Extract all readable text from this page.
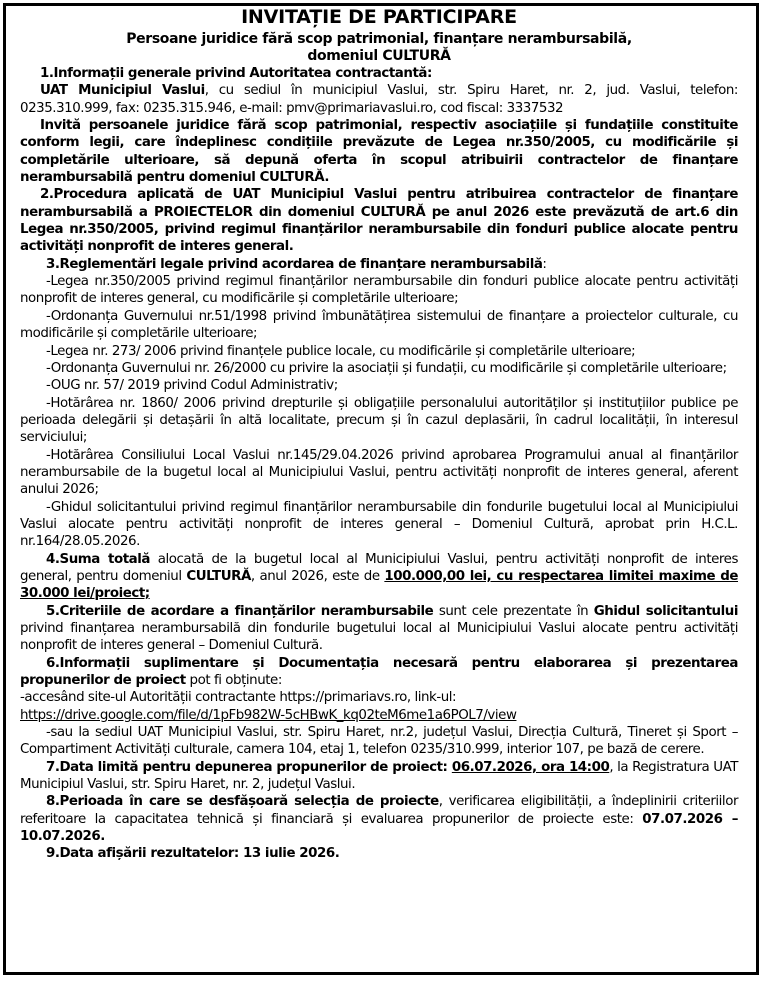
INVITAȚIE DE PARTICIPARE
Persoane juridice fără scop patrimonial, finanțare nerambursabilă,
domeniul CULTURĂ

1.Informații generale privind Autoritatea contractantă:

UAT Municipiul Vaslui, cu sediul în municipiul Vaslui, str. Spiru Haret, nr. 2, jud. Vaslui, telefon: 0235.310.999, fax: 0235.315.946, e-mail: pmv@primariavaslui.ro, cod fiscal: 3337532

Invită persoanele juridice fără scop patrimonial, respectiv asociațiile și fundațiile constituite conform legii, care îndeplinesc condițiile prevăzute de Legea nr.350/2005, cu modificările și completările ulterioare, să depună oferta în scopul atribuirii contractelor de finanțare nerambursabilă pentru domeniul CULTURĂ.

2.Procedura aplicată de UAT Municipiul Vaslui pentru atribuirea contractelor de finanțare nerambursabilă a PROIECTELOR din domeniul CULTURĂ pe anul 2026 este prevăzută de art.6 din Legea nr.350/2005, privind regimul finanțărilor nerambursabile din fonduri publice alocate pentru activități nonprofit de interes general.

3.Reglementări legale privind acordarea de finanțare nerambursabilă:

-Legea nr.350/2005 privind regimul finanțărilor nerambursabile din fonduri publice alocate pentru activități nonprofit de interes general, cu modificările și completările ulterioare;

-Ordonanța Guvernului nr.51/1998 privind îmbunătățirea sistemului de finanțare a proiectelor culturale, cu modificările și completările ulterioare;

-Legea nr. 273/ 2006 privind finanțele publice locale, cu modificările și completările ulterioare;

-Ordonanța Guvernului nr. 26/2000 cu privire la asociații și fundații, cu modificările și completările ulterioare;

-OUG nr. 57/ 2019 privind Codul Administrativ;

-Hotărârea nr. 1860/ 2006 privind drepturile și obligațiile personalului autorităților și instituțiilor publice pe perioada delegării și detașării în altă localitate, precum și în cazul deplasării, în cadrul localității, în interesul serviciului;

-Hotărârea Consiliului Local Vaslui nr.145/29.04.2026 privind aprobarea Programului anual al finanțărilor nerambursabile de la bugetul local al Municipiului Vaslui, pentru activități nonprofit de interes general, aferent anului 2026;

-Ghidul solicitantului privind regimul finanțărilor nerambursabile din fondurile bugetului local al Municipiului Vaslui alocate pentru activități nonprofit de interes general – Domeniul Cultură, aprobat prin H.C.L. nr.164/28.05.2026.

4.Suma totală alocată de la bugetul local al Municipiului Vaslui, pentru activități nonprofit de interes general, pentru domeniul CULTURĂ, anul 2026, este de 100.000,00 lei, cu respectarea limitei maxime de 30.000 lei/proiect;

5.Criteriile de acordare a finanțărilor nerambursabile sunt cele prezentate în Ghidul solicitantului privind finanțarea nerambursabilă din fondurile bugetului local al Municipiului Vaslui alocate pentru activități nonprofit de interes general – Domeniul Cultură.

6.Informații suplimentare și Documentația necesară pentru elaborarea și prezentarea propunerilor de proiect pot fi obținute:

-accesând site-ul Autorității contractante https://primariavs.ro, link-ul:

https://drive.google.com/file/d/1pFb982W-5cHBwK_kq02teM6me1a6POL7/view

-sau la sediul UAT Municipiul Vaslui, str. Spiru Haret, nr.2, județul Vaslui, Direcția Cultură, Tineret și Sport – Compartiment Activități culturale, camera 104, etaj 1, telefon 0235/310.999, interior 107, pe bază de cerere.

7.Data limită pentru depunerea propunerilor de proiect: 06.07.2026, ora 14:00, la Registratura UAT Municipiul Vaslui, str. Spiru Haret, nr. 2, județul Vaslui.

8.Perioada în care se desfășoară selecția de proiecte, verificarea eligibilității, a îndeplinirii criteriilor referitoare la capacitatea tehnică și financiară și evaluarea propunerilor de proiecte este: 07.07.2026 – 10.07.2026.

9.Data afișării rezultatelor: 13 iulie 2026.
